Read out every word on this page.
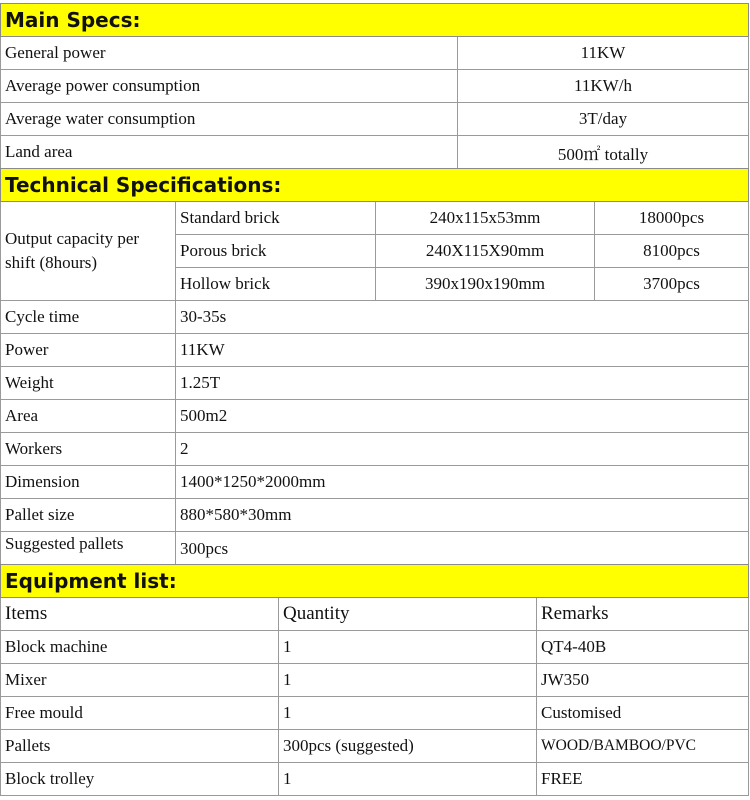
Main Specs:	
General power	11KW
Average power consumption	11KW/h
Average water consumption	3T/day
Land area	500㎡ totally
Technical Specifications:			
Output capacity per shift (8hours)	Standard brick	240x115x53mm	18000pcs
	Porous brick	240X115X90mm	8100pcs
	Hollow brick	390x190x190mm	3700pcs
Cycle time	30-35s		
Power	11KW		
Weight	1.25T		
Area	500m2		
Workers	2		
Dimension	1400*1250*2000mm		
Pallet size	880*580*30mm		
Suggested pallets	300pcs		
Equipment list:		
Items	Quantity	Remarks
Block machine	1	QT4-40B
Mixer	1	JW350
Free mould	1	Customised
Pallets	300pcs (suggested)	WOOD/BAMBOO/PVC
Block trolley	1	FREE
